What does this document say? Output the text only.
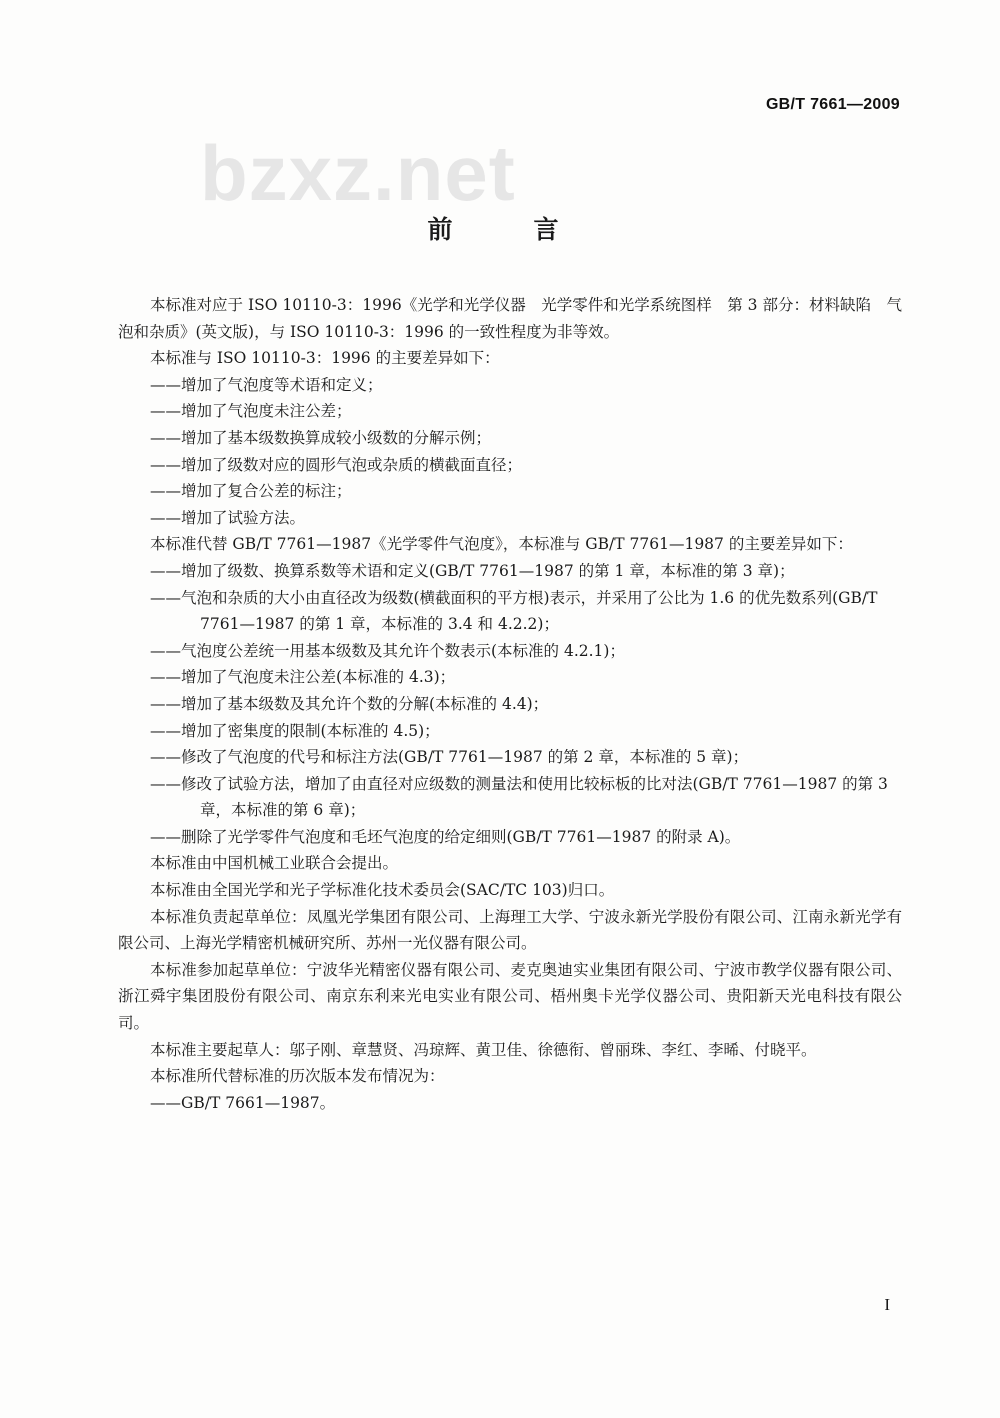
GB/T 7661—2009
bzxz.net
前　言

本标准对应于 ISO 10110-3：1996《光学和光学仪器　光学零件和光学系统图样　第 3 部分：材料缺陷　气泡和杂质》(英文版)，与 ISO 10110-3：1996 的一致性程度为非等效。

本标准与 ISO 10110-3：1996 的主要差异如下：

——增加了气泡度等术语和定义；

——增加了气泡度未注公差；

——增加了基本级数换算成较小级数的分解示例；

——增加了级数对应的圆形气泡或杂质的横截面直径；

——增加了复合公差的标注；

——增加了试验方法。

本标准代替 GB/T 7761—1987《光学零件气泡度》，本标准与 GB/T 7761—1987 的主要差异如下：

——增加了级数、换算系数等术语和定义(GB/T 7761—1987 的第 1 章，本标准的第 3 章)；

——气泡和杂质的大小由直径改为级数(横截面积的平方根)表示，并采用了公比为 1.6 的优先数系列(GB/T 7761—1987 的第 1 章，本标准的 3.4 和 4.2.2)；

——气泡度公差统一用基本级数及其允许个数表示(本标准的 4.2.1)；

——增加了气泡度未注公差(本标准的 4.3)；

——增加了基本级数及其允许个数的分解(本标准的 4.4)；

——增加了密集度的限制(本标准的 4.5)；

——修改了气泡度的代号和标注方法(GB/T 7761—1987 的第 2 章，本标准的 5 章)；

——修改了试验方法，增加了由直径对应级数的测量法和使用比较标板的比对法(GB/T 7761—1987 的第 3 章，本标准的第 6 章)；

——删除了光学零件气泡度和毛坯气泡度的给定细则(GB/T 7761—1987 的附录 A)。

本标准由中国机械工业联合会提出。

本标准由全国光学和光子学标准化技术委员会(SAC/TC 103)归口。

本标准负责起草单位：凤凰光学集团有限公司、上海理工大学、宁波永新光学股份有限公司、江南永新光学有限公司、上海光学精密机械研究所、苏州一光仪器有限公司。

本标准参加起草单位：宁波华光精密仪器有限公司、麦克奥迪实业集团有限公司、宁波市教学仪器有限公司、浙江舜宇集团股份有限公司、南京东利来光电实业有限公司、梧州奥卡光学仪器公司、贵阳新天光电科技有限公司。

本标准主要起草人：邬子刚、章慧贤、冯琼辉、黄卫佳、徐德衔、曾丽珠、李红、李晞、付晓平。

本标准所代替标准的历次版本发布情况为：

——GB/T 7661—1987。

I
